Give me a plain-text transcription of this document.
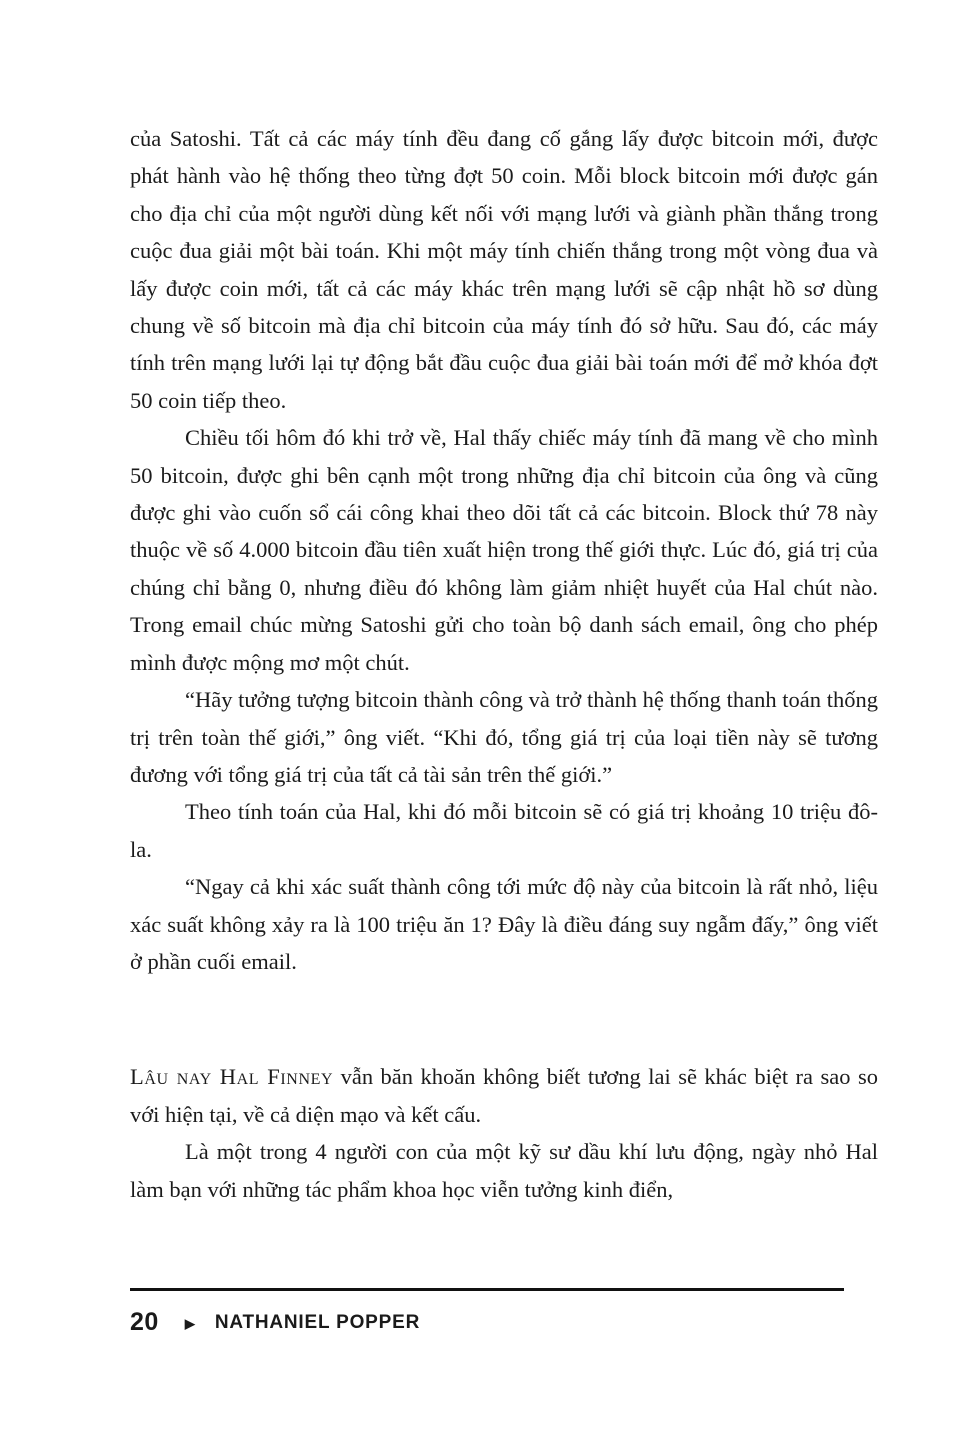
của Satoshi. Tất cả các máy tính đều đang cố gắng lấy được bitcoin mới, được phát hành vào hệ thống theo từng đợt 50 coin. Mỗi block bitcoin mới được gán cho địa chỉ của một người dùng kết nối với mạng lưới và giành phần thắng trong cuộc đua giải một bài toán. Khi một máy tính chiến thắng trong một vòng đua và lấy được coin mới, tất cả các máy khác trên mạng lưới sẽ cập nhật hồ sơ dùng chung về số bitcoin mà địa chỉ bitcoin của máy tính đó sở hữu. Sau đó, các máy tính trên mạng lưới lại tự động bắt đầu cuộc đua giải bài toán mới để mở khóa đợt 50 coin tiếp theo.

Chiều tối hôm đó khi trở về, Hal thấy chiếc máy tính đã mang về cho mình 50 bitcoin, được ghi bên cạnh một trong những địa chỉ bitcoin của ông và cũng được ghi vào cuốn sổ cái công khai theo dõi tất cả các bitcoin. Block thứ 78 này thuộc về số 4.000 bitcoin đầu tiên xuất hiện trong thế giới thực. Lúc đó, giá trị của chúng chỉ bằng 0, nhưng điều đó không làm giảm nhiệt huyết của Hal chút nào. Trong email chúc mừng Satoshi gửi cho toàn bộ danh sách email, ông cho phép mình được mộng mơ một chút.

“Hãy tưởng tượng bitcoin thành công và trở thành hệ thống thanh toán thống trị trên toàn thế giới,” ông viết. “Khi đó, tổng giá trị của loại tiền này sẽ tương đương với tổng giá trị của tất cả tài sản trên thế giới.”

Theo tính toán của Hal, khi đó mỗi bitcoin sẽ có giá trị khoảng 10 triệu đô-la.

“Ngay cả khi xác suất thành công tới mức độ này của bitcoin là rất nhỏ, liệu xác suất không xảy ra là 100 triệu ăn 1? Đây là điều đáng suy ngẫm đấy,” ông viết ở phần cuối email.

Lâu nay Hal Finney vẫn băn khoăn không biết tương lai sẽ khác biệt ra sao so với hiện tại, về cả diện mạo và kết cấu.

Là một trong 4 người con của một kỹ sư dầu khí lưu động, ngày nhỏ Hal làm bạn với những tác phẩm khoa học viễn tưởng kinh điển,

20 ▶ NATHANIEL POPPER
